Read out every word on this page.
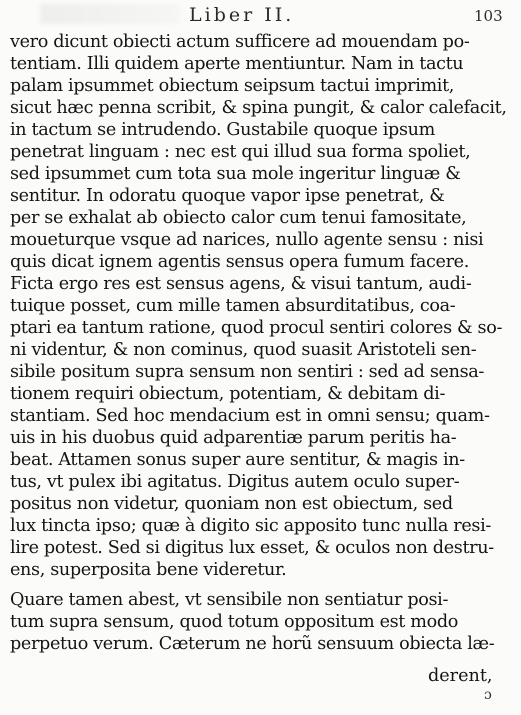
Liber II.	103
vero dicunt obiecti actum sufficere ad mouendam po-
tentiam. Illi quidem aperte mentiuntur. Nam in tactu
palam ipsummet obiectum seipsum tactui imprimit,
sicut hæc penna scribit, & spina pungit, & calor calefacit,
in tactum se intrudendo. Gustabile quoque ipsum
penetrat linguam : nec est qui illud sua forma spoliet,
sed ipsummet cum tota sua mole ingeritur linguæ &
sentitur. In odoratu quoque vapor ipse penetrat, &
per se exhalat ab obiecto calor cum tenui famositate,
moueturque vsque ad narices, nullo agente sensu : nisi
quis dicat ignem agentis sensus opera fumum facere.
Ficta ergo res est sensus agens, & visui tantum, audi-
tuique posset, cum mille tamen absurditatibus, coa-
ptari ea tantum ratione, quod procul sentiri colores & so-
ni videntur, & non cominus, quod suasit Aristoteli sen-
sibile positum supra sensum non sentiri : sed ad sensa-
tionem requiri obiectum, potentiam, & debitam di-
stantiam. Sed hoc mendacium est in omni sensu; quam-
uis in his duobus quid adparentiæ parum peritis ha-
beat. Attamen sonus super aure sentitur, & magis in-
tus, vt pulex ibi agitatus. Digitus autem oculo super-
positus non videtur, quoniam non est obiectum, sed
lux tincta ipso; quæ à digito sic apposito tunc nulla resi-
lire potest. Sed si digitus lux esset, & oculos non destru-
ens, superposita bene videretur.
Quare tamen abest, vt sensibile non sentiatur posi-
tum supra sensum, quod totum oppositum est modo
perpetuo verum. Cæterum ne horũ sensuum obiecta læ-
derent,
ɔ
